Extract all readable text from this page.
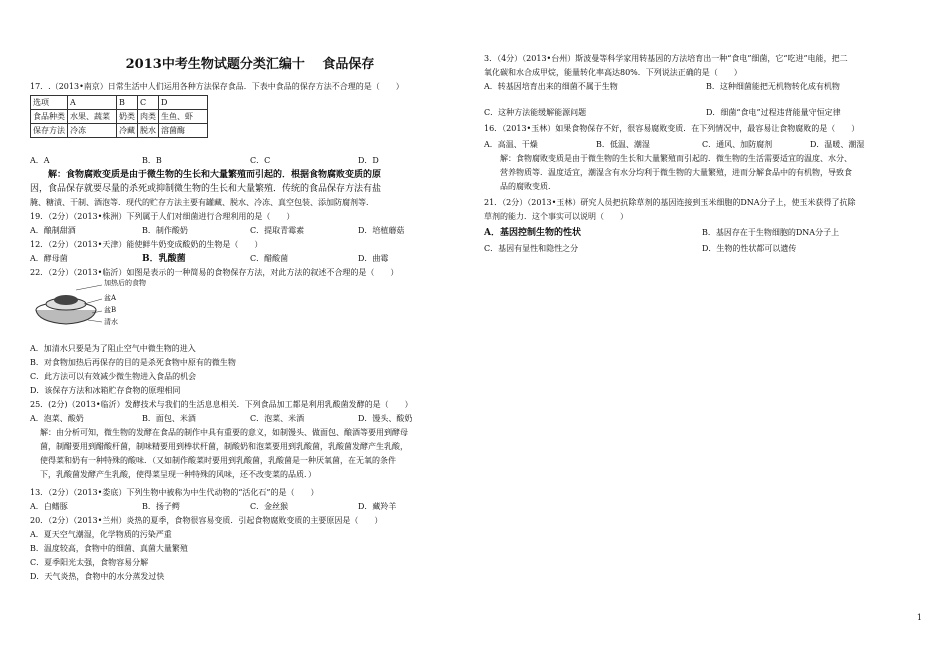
2013中考生物试题分类汇编十　 食品保存
17．.（2013•南京）日常生活中人们运用各种方法保存食品．下表中食品的保存方法不合理的是（　　）
选项	A	B	C	D
食品种类	水果、蔬菜	奶类	肉类	生鱼、虾
保存方法	冷冻	冷藏	脱水	溶菌酶
A．A	B．B	C．C	D．D
解：食物腐败变质是由于微生物的生长和大量繁殖而引起的．根据食物腐败变质的原
因，食品保存就要尽量的杀死或抑制微生物的生长和大量繁殖．传统的食品保存方法有盐
腌、糖渍、干制、酒泡等．现代的贮存方法主要有罐藏、脱水、冷冻、真空包装、添加防腐剂等．
19．（2分）（2013•株洲）下列属于人们对细菌进行合理利用的是（　　）
A．酿制甜酒	B．制作酸奶	C．提取青霉素	D．培植蘑菇
12．（2分）（2013•天津）能使鲜牛奶变成酸奶的生物是（　　）
A．酵母菌	B．乳酸菌	C．醋酸菌	D．曲霉
22．（2分）（2013•临沂）如图是表示的一种简易的食物保存方法，对此方法的叙述不合理的是（　　）
加热后的食物
盆A
盆B
清水
A．加清水只要是为了阻止空气中微生物的进入
B．对食物加热后再保存的目的是杀死食物中原有的微生物
C．此方法可以有效减少微生物进入食品的机会
D．该保存方法和冰箱贮存食物的原理相同
25．(2分)（2013•临沂）发酵技术与我们的生活息息相关．下列食品加工都是利用乳酸菌发酵的是（　　）
A．泡菜、酸奶	B．面包、米酒	C．泡菜、米酒	D．馒头、酸奶
解：由分析可知，微生物的发酵在食品的制作中具有重要的意义，如制馒头、做面包、酿酒等要用到酵母
菌，制醋要用到醋酸杆菌，制味精要用到棒状杆菌，制酸奶和泡菜要用到乳酸菌，乳酸菌发酵产生乳酸，
使得菜和奶有一种特殊的酸味．（又如制作酸菜时要用到乳酸菌，乳酸菌是一种厌氧菌，在无氧的条件
下，乳酸菌发酵产生乳酸，使得菜呈现一种特殊的风味，还不改变菜的品质．）
13．（2分）（2013•娄底）下列生物中被称为中生代动物的“活化石”的是（　　）
A．白鳍豚	B．扬子鳄	C．金丝猴	D．藏羚羊
20．（2分）（2013•兰州）炎热的夏季，食物很容易变质．引起食物腐败变质的主要原因是（　　）
A．夏天空气潮湿，化学物质的污染严重
B．温度较高，食物中的细菌、真菌大量繁殖
C．夏季阳光太强，食物容易分解
D．天气炎热，食物中的水分蒸发过快
3．（4分）（2013•台州）斯波曼等科学家用转基因的方法培育出一种“食电”细菌，它“吃进”电能，把二
氧化碳和水合成甲烷，能量转化率高达80%．下列说法正确的是（　　）
A．转基因培育出来的细菌不属于生物	B．这种细菌能把无机物转化成有机物
C．这种方法能缓解能源问题	D．细菌“食电”过程违背能量守恒定律
16．（2013•玉林）如果食物保存不好，很容易腐败变质．在下列情况中，最容易让食物腐败的是（　　）
A．高温、干燥	B．低温、潮湿	C．通风、加防腐剂	D．温暖、潮湿
解：食物腐败变质是由于微生物的生长和大量繁殖而引起的．微生物的生活需要适宜的温度、水分、
营养物质等．温度适宜，潮湿含有水分均利于微生物的大量繁殖，进而分解食品中的有机物，导致食
品的腐败变质．
21．（2分）（2013•玉林）研究人员把抗除草剂的基因连接到玉米细胞的DNA分子上，使玉米获得了抗除
草剂的能力．这个事实可以说明（　　）
A．基因控制生物的性状	B．基因存在于生物细胞的DNA分子上
C．基因有显性和隐性之分	D．生物的性状都可以遗传
1
